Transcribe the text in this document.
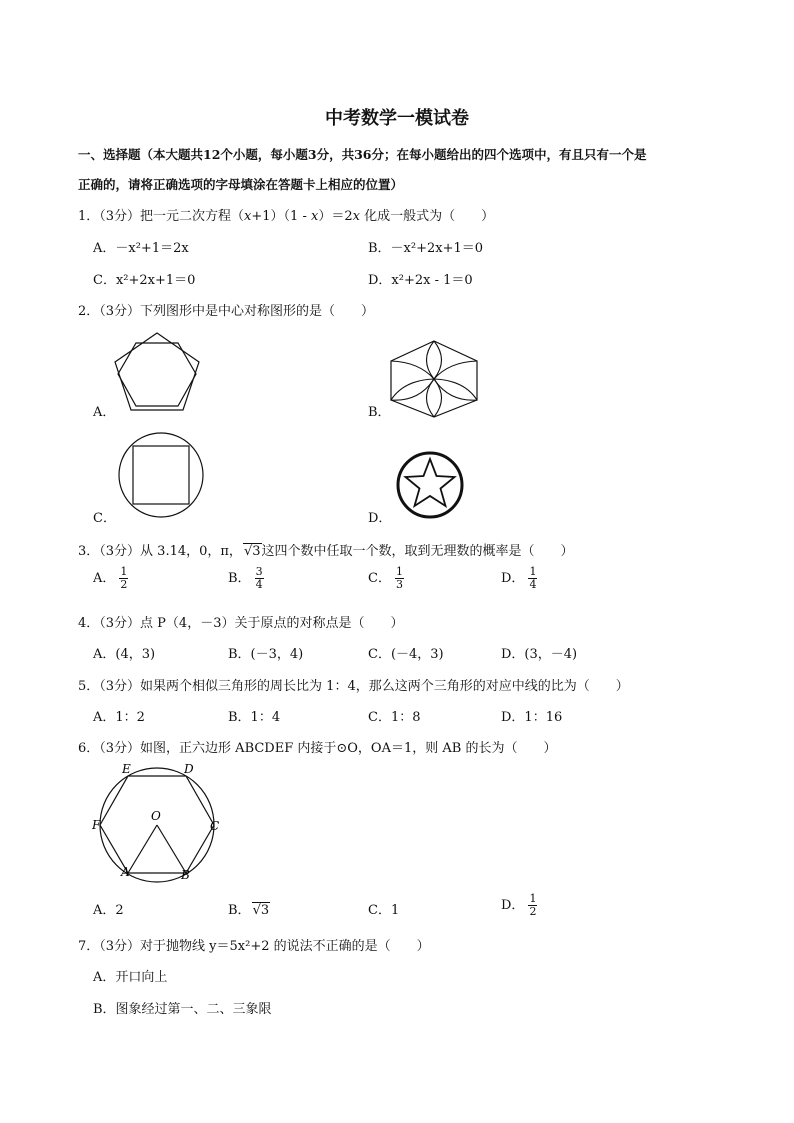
中考数学一模试卷
一、选择题（本大题共12个小题，每小题3分，共36分；在每小题给出的四个选项中，有且只有一个是
正确的，请将正确选项的字母填涂在答题卡上相应的位置）
1．（3分）把一元二次方程（x+1）（1 - x）＝2x 化成一般式为（　　）
A．－x²+1＝2x	B．－x²+2x+1＝0
C．x²+2x+1＝0	D．x²+2x - 1＝0
2．（3分）下列图形中是中心对称图形的是（　　）
A．	B．
C．	D．
3．（3分）从 3.14，0，π， √3这四个数中任取一个数，取到无理数的概率是（　　）
A． $\frac{1}{2}$	B． $\frac{3}{4}$	C． $\frac{1}{3}$	D． $\frac{1}{4}$
4．（3分）点 P（4，－3）关于原点的对称点是（　　）
A．(4，3)	B．(－3，4)	C．(－4，3)	D．(3，－4)
5．（3分）如果两个相似三角形的周长比为 1：4，那么这两个三角形的对应中线的比为（　　）
A．1：2	B．1：4	C．1：8	D．1：16
6．（3分）如图，正六边形 ABCDEF 内接于⊙O，OA＝1，则 AB 的长为（　　）
E	D
F	C
O
A	B
A．2	B． √3	C．1	D． $\frac{1}{2}$
7．（3分）对于抛物线 y＝5x²+2 的说法不正确的是（　　）
A．开口向上
B．图象经过第一、二、三象限
